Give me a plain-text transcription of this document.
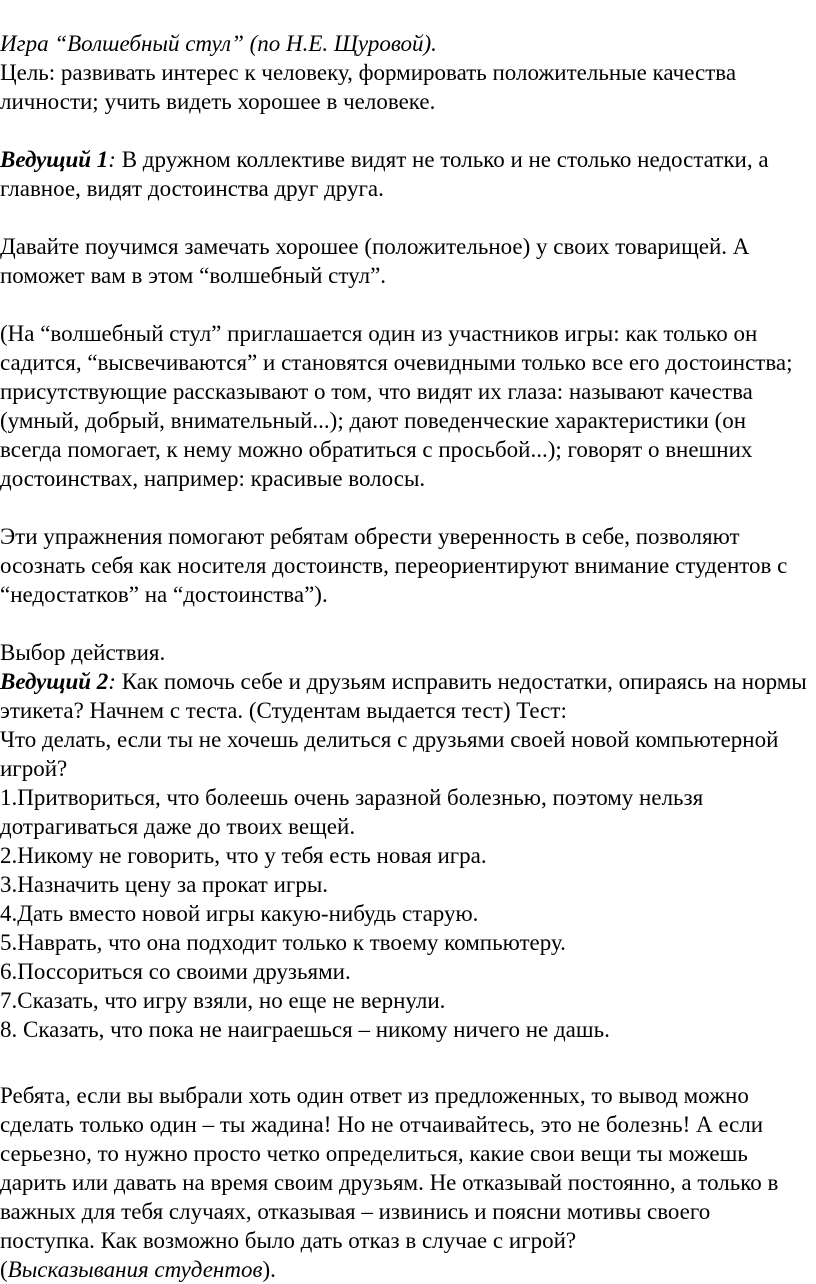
Игра “Волшебный стул” (по Н.Е. Щуровой).

Цель: развивать интерес к человеку, формировать положительные качества личности; учить видеть хорошее в человеке.

Ведущий 1: В дружном коллективе видят не только и не столько недостатки, а главное, видят достоинства друг друга.

Давайте поучимся замечать хорошее (положительное) у своих товарищей. А поможет вам в этом “волшебный стул”.

(На “волшебный стул” приглашается один из участников игры: как только он садится, “высвечиваются” и становятся очевидными только все его достоинства; присутствующие рассказывают о том, что видят их глаза: называют качества (умный, добрый, внимательный...); дают поведенческие характеристики (он всегда помогает, к нему можно обратиться с просьбой...); говорят о внешних достоинствах, например: красивые волосы.

Эти упражнения помогают ребятам обрести уверенность в себе, позволяют осознать себя как носителя достоинств, переориентируют внимание студентов с “недостатков” на “достоинства”).

Выбор действия.

Ведущий 2: Как помочь себе и друзьям исправить недостатки, опираясь на нормы этикета? Начнем с теста. (Студентам выдается тест) Тест:

Что делать, если ты не хочешь делиться с друзьями своей новой компьютерной игрой?

1.Притвориться, что болеешь очень заразной болезнью, поэтому нельзя дотрагиваться даже до твоих вещей.

2.Никому не говорить, что у тебя есть новая игра.

3.Назначить цену за прокат игры.

4.Дать вместо новой игры какую-нибудь старую.

5.Наврать, что она подходит только к твоему компьютеру.

6.Поссориться со своими друзьями.

7.Сказать, что игру взяли, но еще не вернули.

8. Сказать, что пока не наиграешься – никому ничего не дашь.

Ребята, если вы выбрали хоть один ответ из предложенных, то вывод можно сделать только один – ты жадина! Но не отчаивайтесь, это не болезнь! А если серьезно, то нужно просто четко определиться, какие свои вещи ты можешь дарить или давать на время своим друзьям. Не отказывай постоянно, а только в важных для тебя случаях, отказывая – извинись и поясни мотивы своего поступка. Как возможно было дать отказ в случае с игрой?

(Высказывания студентов).
